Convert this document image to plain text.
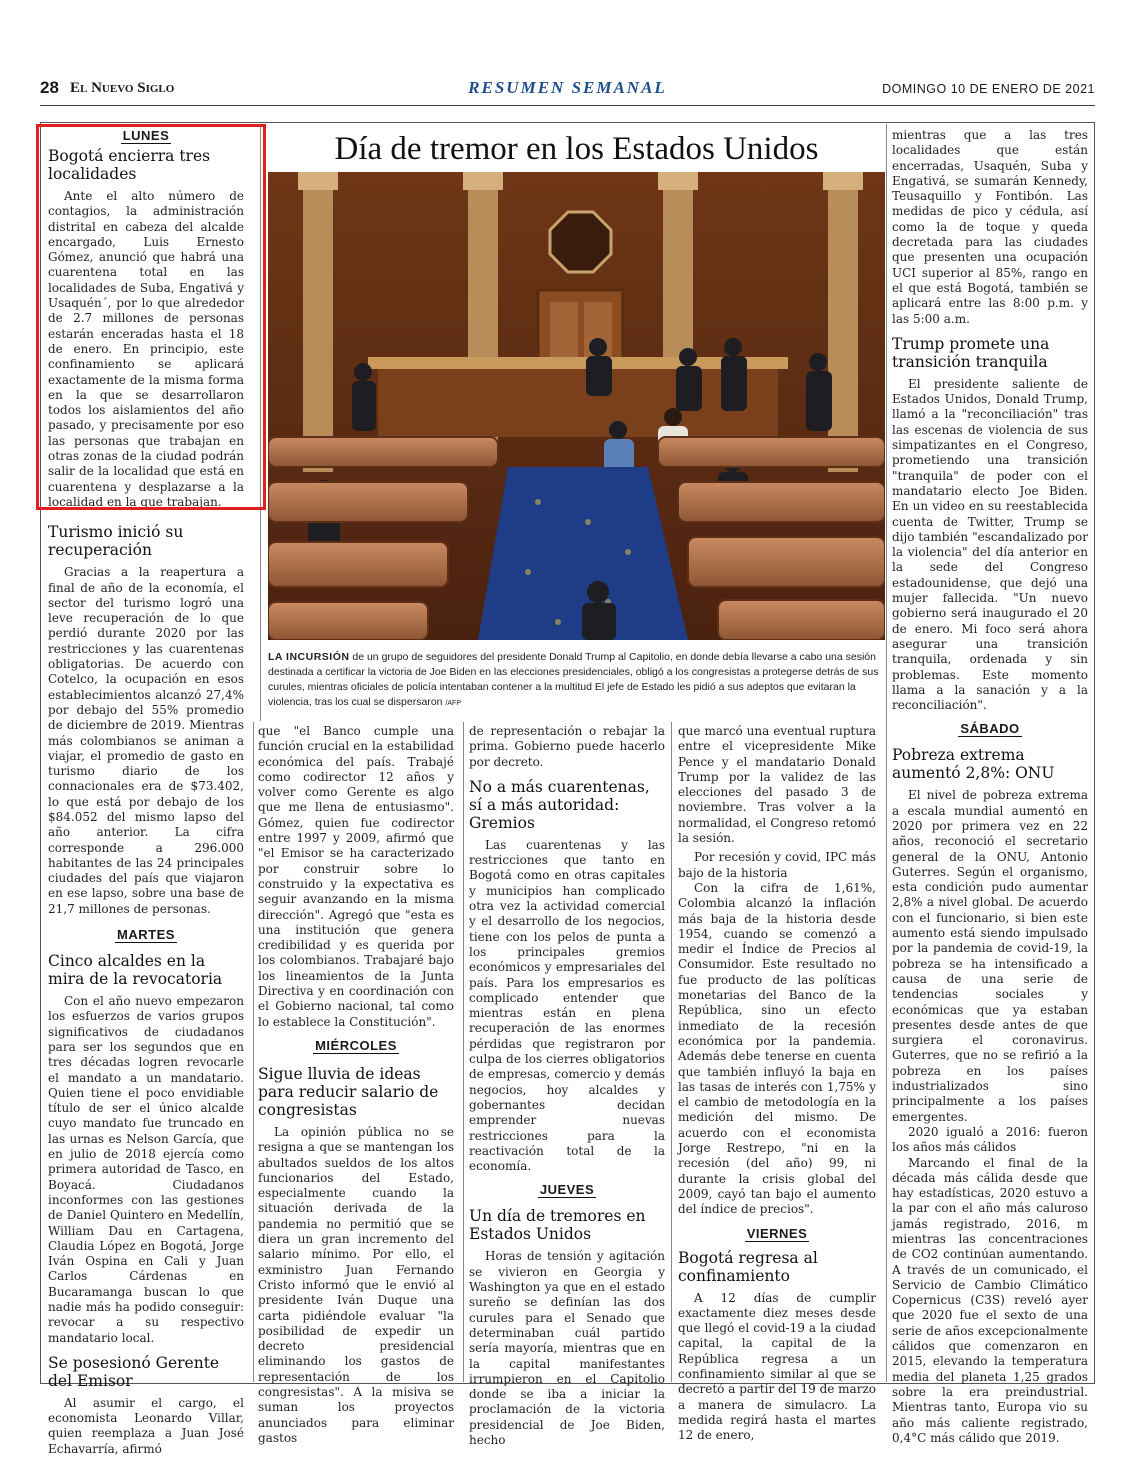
28 El Nuevo Siglo	RESUMEN SEMANAL	DOMINGO 10 DE ENERO DE 2021
LUNES
Bogotá encierra tres localidades

Ante el alto número de contagios, la administración distrital en cabeza del alcalde encargado, Luis Ernesto Gómez, anunció que habrá una cuarentena total en las localidades de Suba, Engativá y Usaquén´, por lo que alrededor de 2.7 millones de personas estarán enceradas hasta el 18 de enero. En principio, este confinamiento se aplicará exactamente de la misma forma en la que se desarrollaron todos los aislamientos del año pasado, y precisamente por eso las personas que trabajan en otras zonas de la ciudad podrán salir de la localidad que está en cuarentena y desplazarse a la localidad en la que trabajan.

Turismo inició su recuperación

Gracias a la reapertura a final de año de la economía, el sector del turismo logró una leve recuperación de lo que perdió durante 2020 por las restricciones y las cuarentenas obligatorias. De acuerdo con Cotelco, la ocupación en esos establecimientos alcanzó 27,4% por debajo del 55% promedio de diciembre de 2019. Mientras más colombianos se animan a viajar, el promedio de gasto en turismo diario de los connacionales era de $73.402, lo que está por debajo de los $84.052 del mismo lapso del año anterior. La cifra corresponde a 296.000 habitantes de las 24 principales ciudades del país que viajaron en ese lapso, sobre una base de 21,7 millones de personas.

MARTES
Cinco alcaldes en la mira de la revocatoria

Con el año nuevo empezaron los esfuerzos de varios grupos significativos de ciudadanos para ser los segundos que en tres décadas logren revocarle el mandato a un mandatario. Quien tiene el poco envidiable título de ser el único alcalde cuyo mandato fue truncado en las urnas es Nelson García, que en julio de 2018 ejercía como primera autoridad de Tasco, en Boyacá. Ciudadanos inconformes con las gestiones de Daniel Quintero en Medellín, William Dau en Cartagena, Claudia López en Bogotá, Jorge Iván Ospina en Cali y Juan Carlos Cárdenas en Bucaramanga buscan lo que nadie más ha podido conseguir: revocar a su respectivo mandatario local.

Se posesionó Gerente del Emisor

Al asumir el cargo, el economista Leonardo Villar, quien reemplaza a Juan José Echavarría, afirmó

Día de tremor en los Estados Unidos
LA INCURSIÓN de un grupo de seguidores del presidente Donald Trump al Capitolio, en donde debía llevarse a cabo una sesión destinada a certificar la victoria de Joe Biden en las elecciones presidenciales, obligó a los congresistas a protegerse detrás de sus curules, mientras oficiales de policía intentaban contener a la multitud El jefe de Estado les pidió a sus adeptos que evitaran la violencia, tras los cual se dispersaron /AFP

que "el Banco cumple una función crucial en la estabilidad económica del país. Trabajé como codirector 12 años y volver como Gerente es algo que me llena de entusiasmo". Gómez, quien fue codirector entre 1997 y 2009, afirmó que "el Emisor se ha caracterizado por construir sobre lo construido y la expectativa es seguir avanzando en la misma dirección". Agregó que "esta es una institución que genera credibilidad y es querida por los colombianos. Trabajaré bajo los lineamientos de la Junta Directiva y en coordinación con el Gobierno nacional, tal como lo establece la Constitución".

MIÉRCOLES
Sigue lluvia de ideas para reducir salario de congresistas

La opinión pública no se resigna a que se mantengan los abultados sueldos de los altos funcionarios del Estado, especialmente cuando la situación derivada de la pandemia no permitió que se diera un gran incremento del salario mínimo. Por ello, el exministro Juan Fernando Cristo informó que le envió al presidente Iván Duque una carta pidiéndole evaluar "la posibilidad de expedir un decreto presidencial eliminando los gastos de representación de los congresistas". A la misiva se suman los proyectos anunciados para eliminar gastos

de representación o rebajar la prima. Gobierno puede hacerlo por decreto.

No a más cuarentenas, sí a más autoridad: Gremios

Las cuarentenas y las restricciones que tanto en Bogotá como en otras capitales y municipios han complicado otra vez la actividad comercial y el desarrollo de los negocios, tiene con los pelos de punta a los principales gremios económicos y empresariales del país. Para los empresarios es complicado entender que mientras están en plena recuperación de las enormes pérdidas que registraron por culpa de los cierres obligatorios de empresas, comercio y demás negocios, hoy alcaldes y gobernantes decidan emprender nuevas restricciones para la reactivación total de la economía.

JUEVES
Un día de tremores en Estados Unidos

Horas de tensión y agitación se vivieron en Georgia y Washington ya que en el estado sureño se definían las dos curules para el Senado que determinaban cuál partido sería mayoría, mientras que en la capital manifestantes irrumpieron en el Capitolio donde se iba a iniciar la proclamación de la victoria presidencial de Joe Biden, hecho

que marcó una eventual ruptura entre el vicepresidente Mike Pence y el mandatario Donald Trump por la validez de las elecciones del pasado 3 de noviembre. Tras volver a la normalidad, el Congreso retomó la sesión.

Por recesión y covid, IPC más bajo de la historia

Con la cifra de 1,61%, Colombia alcanzó la inflación más baja de la historia desde 1954, cuando se comenzó a medir el Índice de Precios al Consumidor. Este resultado no fue producto de las políticas monetarias del Banco de la República, sino un efecto inmediato de la recesión económica por la pandemia. Además debe tenerse en cuenta que también influyó la baja en las tasas de interés con 1,75% y el cambio de metodología en la medición del mismo. De acuerdo con el economista Jorge Restrepo, "ni en la recesión (del año) 99, ni durante la crisis global del 2009, cayó tan bajo el aumento del índice de precios".

VIERNES
Bogotá regresa al confinamiento

A 12 días de cumplir exactamente diez meses desde que llegó el covid-19 a la ciudad capital, la capital de la República regresa a un confinamiento similar al que se decretó a partir del 19 de marzo a manera de simulacro. La medida regirá hasta el martes 12 de enero,

mientras que a las tres localidades que están encerradas, Usaquén, Suba y Engativá, se sumarán Kennedy, Teusaquillo y Fontibón. Las medidas de pico y cédula, así como la de toque y queda decretada para las ciudades que presenten una ocupación UCI superior al 85%, rango en el que está Bogotá, también se aplicará entre las 8:00 p.m. y las 5:00 a.m.

Trump promete una transición tranquila

El presidente saliente de Estados Unidos, Donald Trump, llamó a la "reconciliación" tras las escenas de violencia de sus simpatizantes en el Congreso, prometiendo una transición "tranquila" de poder con el mandatario electo Joe Biden. En un video en su reestablecida cuenta de Twitter, Trump se dijo también "escandalizado por la violencia" del día anterior en la sede del Congreso estadounidense, que dejó una mujer fallecida. "Un nuevo gobierno será inaugurado el 20 de enero. Mi foco será ahora asegurar una transición tranquila, ordenada y sin problemas. Este momento llama a la sanación y a la reconciliación".

SÁBADO
Pobreza extrema aumentó 2,8%: ONU

El nivel de pobreza extrema a escala mundial aumentó en 2020 por primera vez en 22 años, reconoció el secretario general de la ONU, Antonio Guterres. Según el organismo, esta condición pudo aumentar 2,8% a nivel global. De acuerdo con el funcionario, si bien este aumento está siendo impulsado por la pandemia de covid-19, la pobreza se ha intensificado a causa de una serie de tendencias sociales y económicas que ya estaban presentes desde antes de que surgiera el coronavirus. Guterres, que no se refirió a la pobreza en los países industrializados sino principalmente a los países emergentes.

2020 igualó a 2016: fueron los años más cálidos

Marcando el final de la década más cálida desde que hay estadísticas, 2020 estuvo a la par con el año más caluroso jamás registrado, 2016, m mientras las concentraciones de CO2 continúan aumentando. A través de un comunicado, el Servicio de Cambio Climático Copernicus (C3S) reveló ayer que 2020 fue el sexto de una serie de años excepcionalmente cálidos que comenzaron en 2015, elevando la temperatura media del planeta 1,25 grados sobre la era preindustrial. Mientras tanto, Europa vio su año más caliente registrado, 0,4°C más cálido que 2019.
